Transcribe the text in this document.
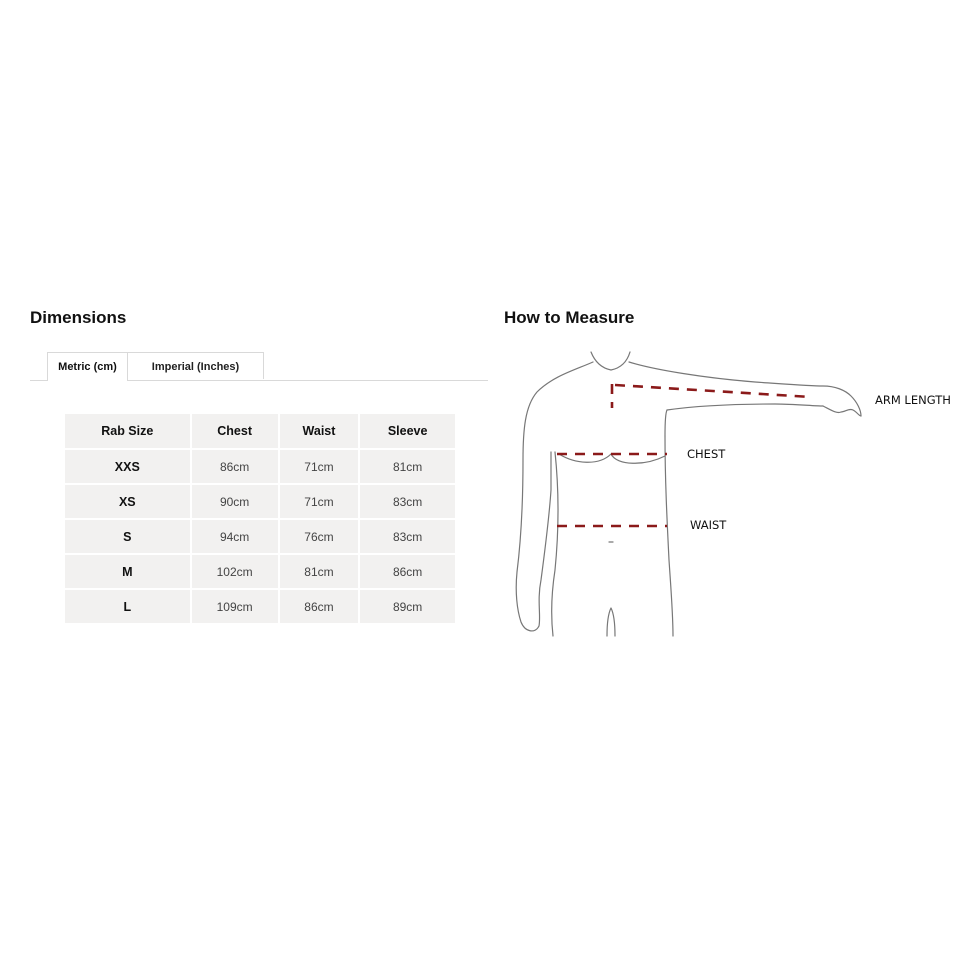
Dimensions
Metric (cm)	Imperial (Inches)
Rab Size	Chest	Waist	Sleeve
XXS	86cm	71cm	81cm
XS	90cm	71cm	83cm
S	94cm	76cm	83cm
M	102cm	81cm	86cm
L	109cm	86cm	89cm
How to Measure
ARM LENGTH
CHEST
WAIST
